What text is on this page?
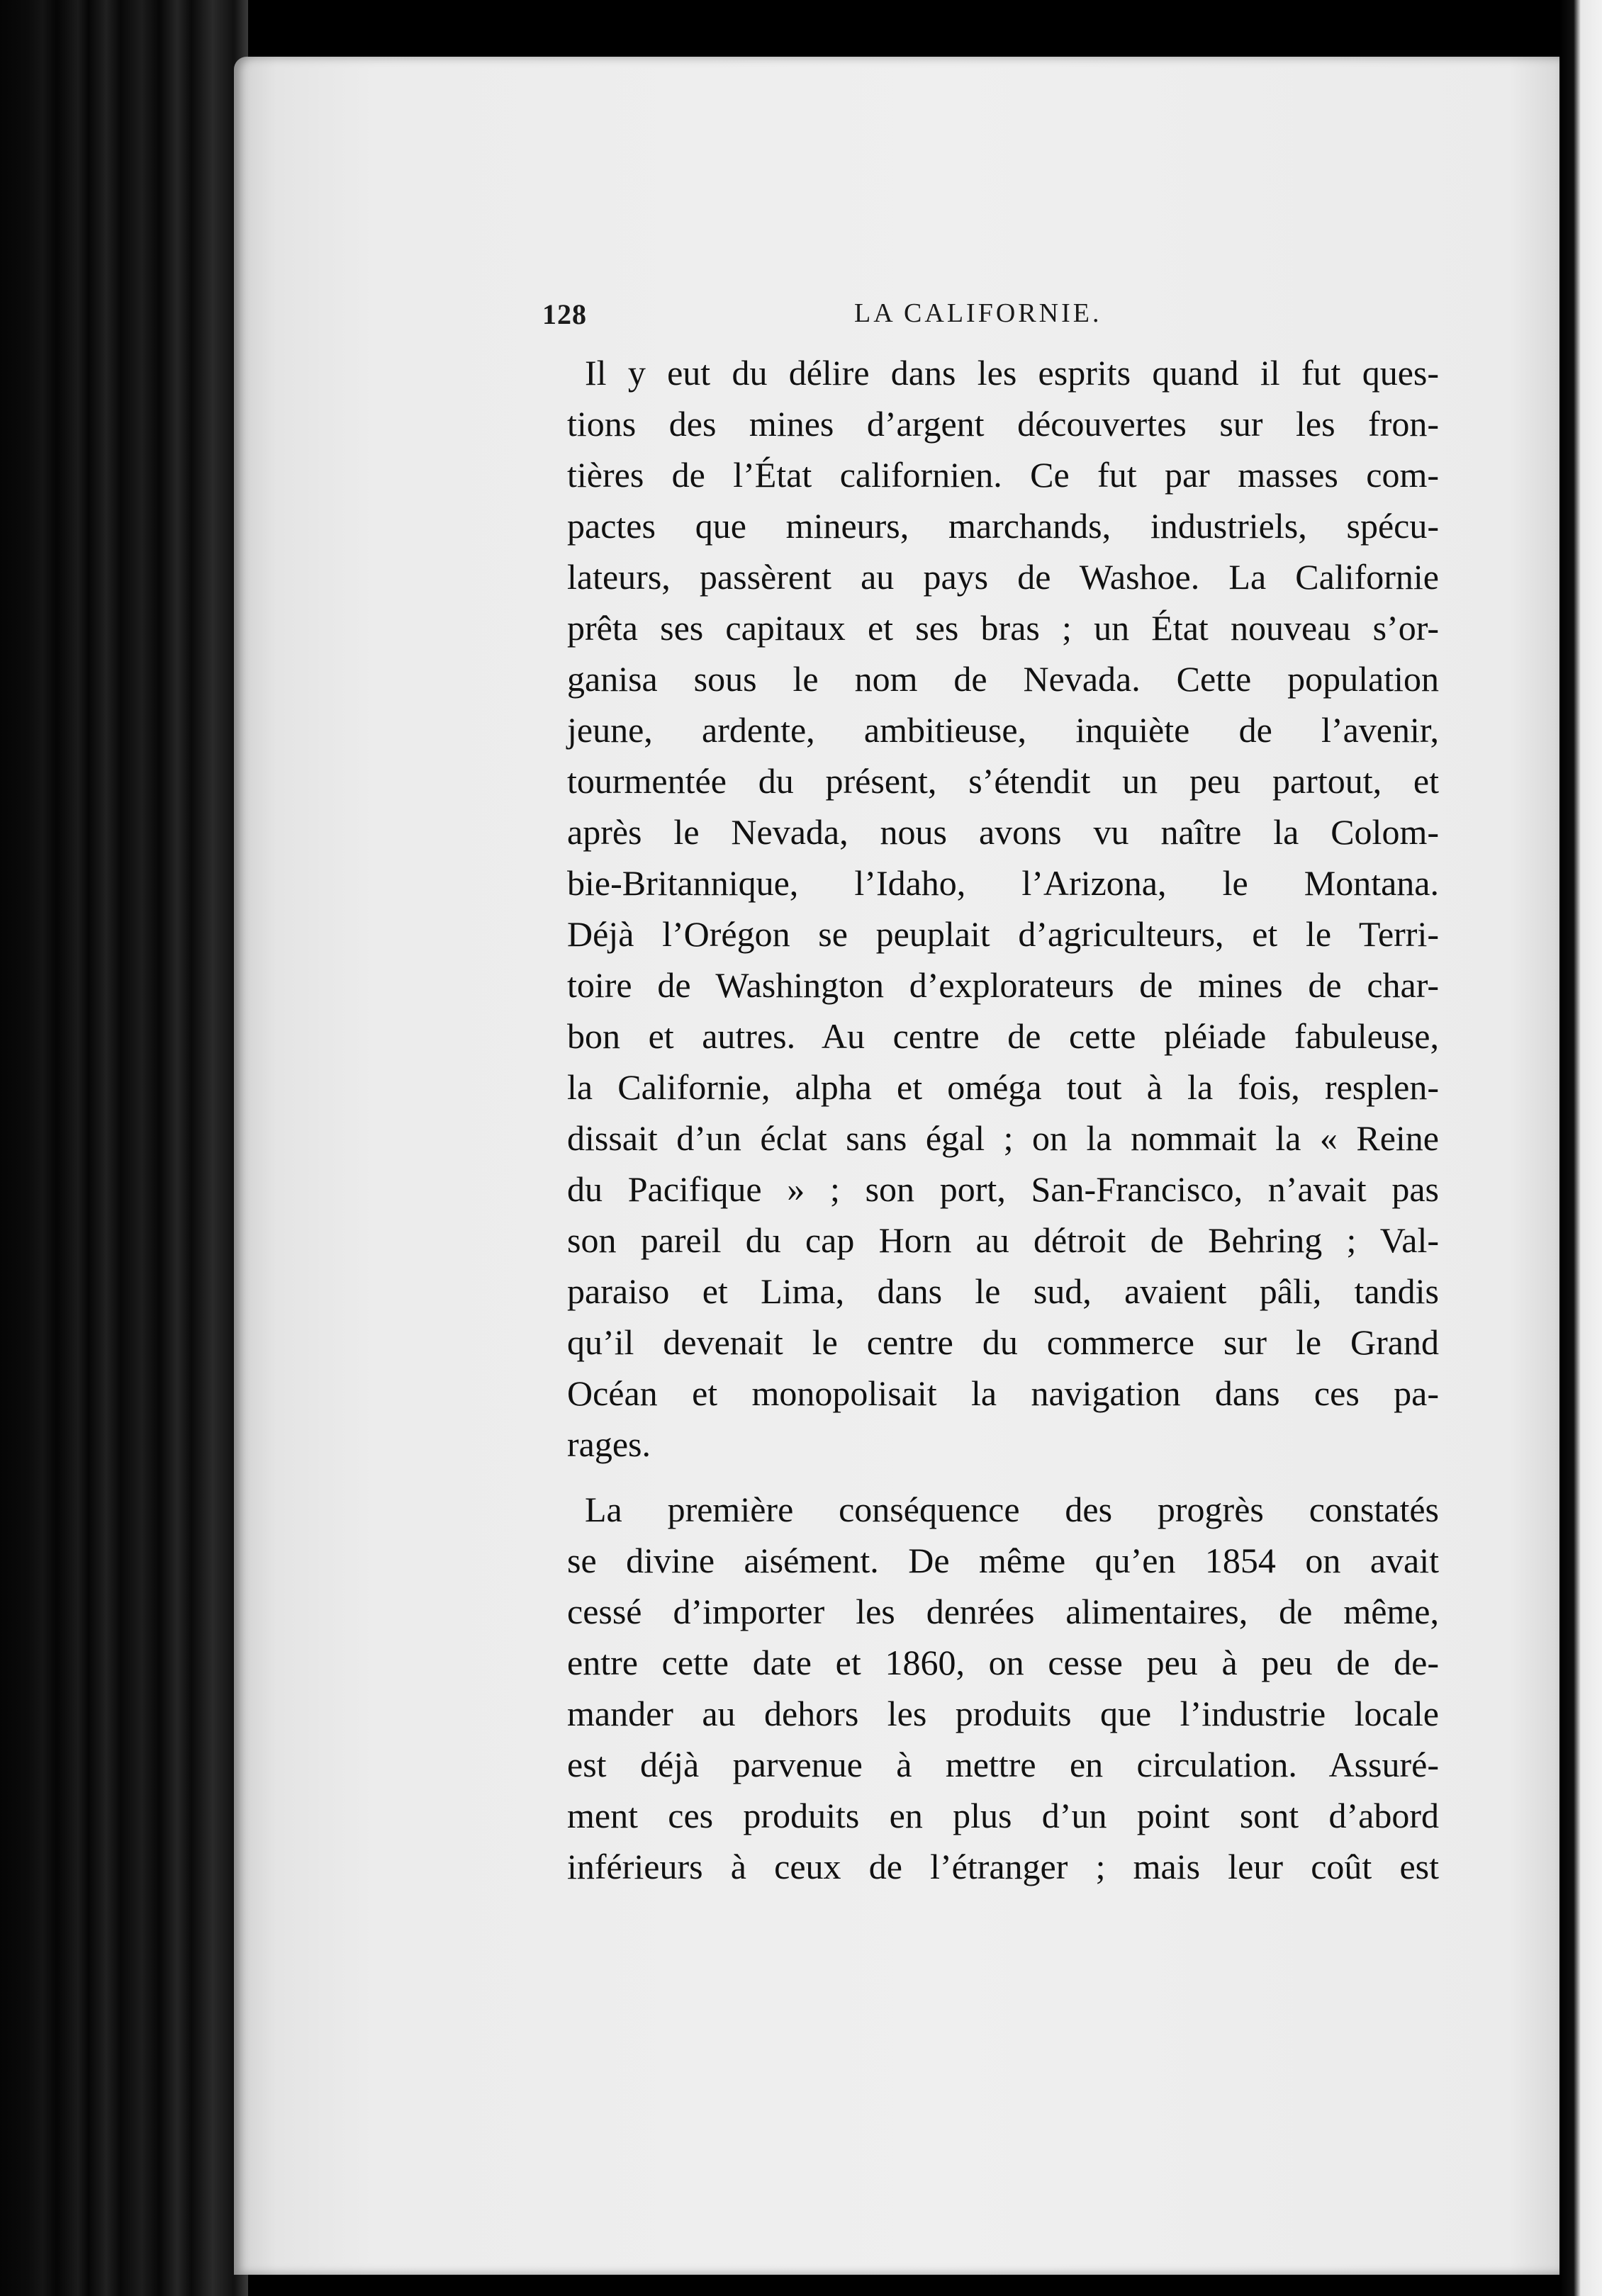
128	LA CALIFORNIE.
Il y eut du délire dans les esprits quand il fut ques-
tions des mines d’argent découvertes sur les fron-
tières de l’État californien. Ce fut par masses com-
pactes que mineurs, marchands, industriels, spécu-
lateurs, passèrent au pays de Washoe. La Californie
prêta ses capitaux et ses bras ; un État nouveau s’or-
ganisa sous le nom de Nevada. Cette population
jeune, ardente, ambitieuse, inquiète de l’avenir,
tourmentée du présent, s’étendit un peu partout, et
après le Nevada, nous avons vu naître la Colom-
bie-Britannique, l’Idaho, l’Arizona, le Montana.
Déjà l’Orégon se peuplait d’agriculteurs, et le Terri-
toire de Washington d’explorateurs de mines de char-
bon et autres. Au centre de cette pléiade fabuleuse,
la Californie, alpha et oméga tout à la fois, resplen-
dissait d’un éclat sans égal ; on la nommait la « Reine
du Pacifique » ; son port, San-Francisco, n’avait pas
son pareil du cap Horn au détroit de Behring ; Val-
paraiso et Lima, dans le sud, avaient pâli, tandis
qu’il devenait le centre du commerce sur le Grand
Océan et monopolisait la navigation dans ces pa-
rages.
La première conséquence des progrès constatés
se divine aisément. De même qu’en 1854 on avait
cessé d’importer les denrées alimentaires, de même,
entre cette date et 1860, on cesse peu à peu de de-
mander au dehors les produits que l’industrie locale
est déjà parvenue à mettre en circulation. Assuré-
ment ces produits en plus d’un point sont d’abord
inférieurs à ceux de l’étranger ; mais leur coût est
